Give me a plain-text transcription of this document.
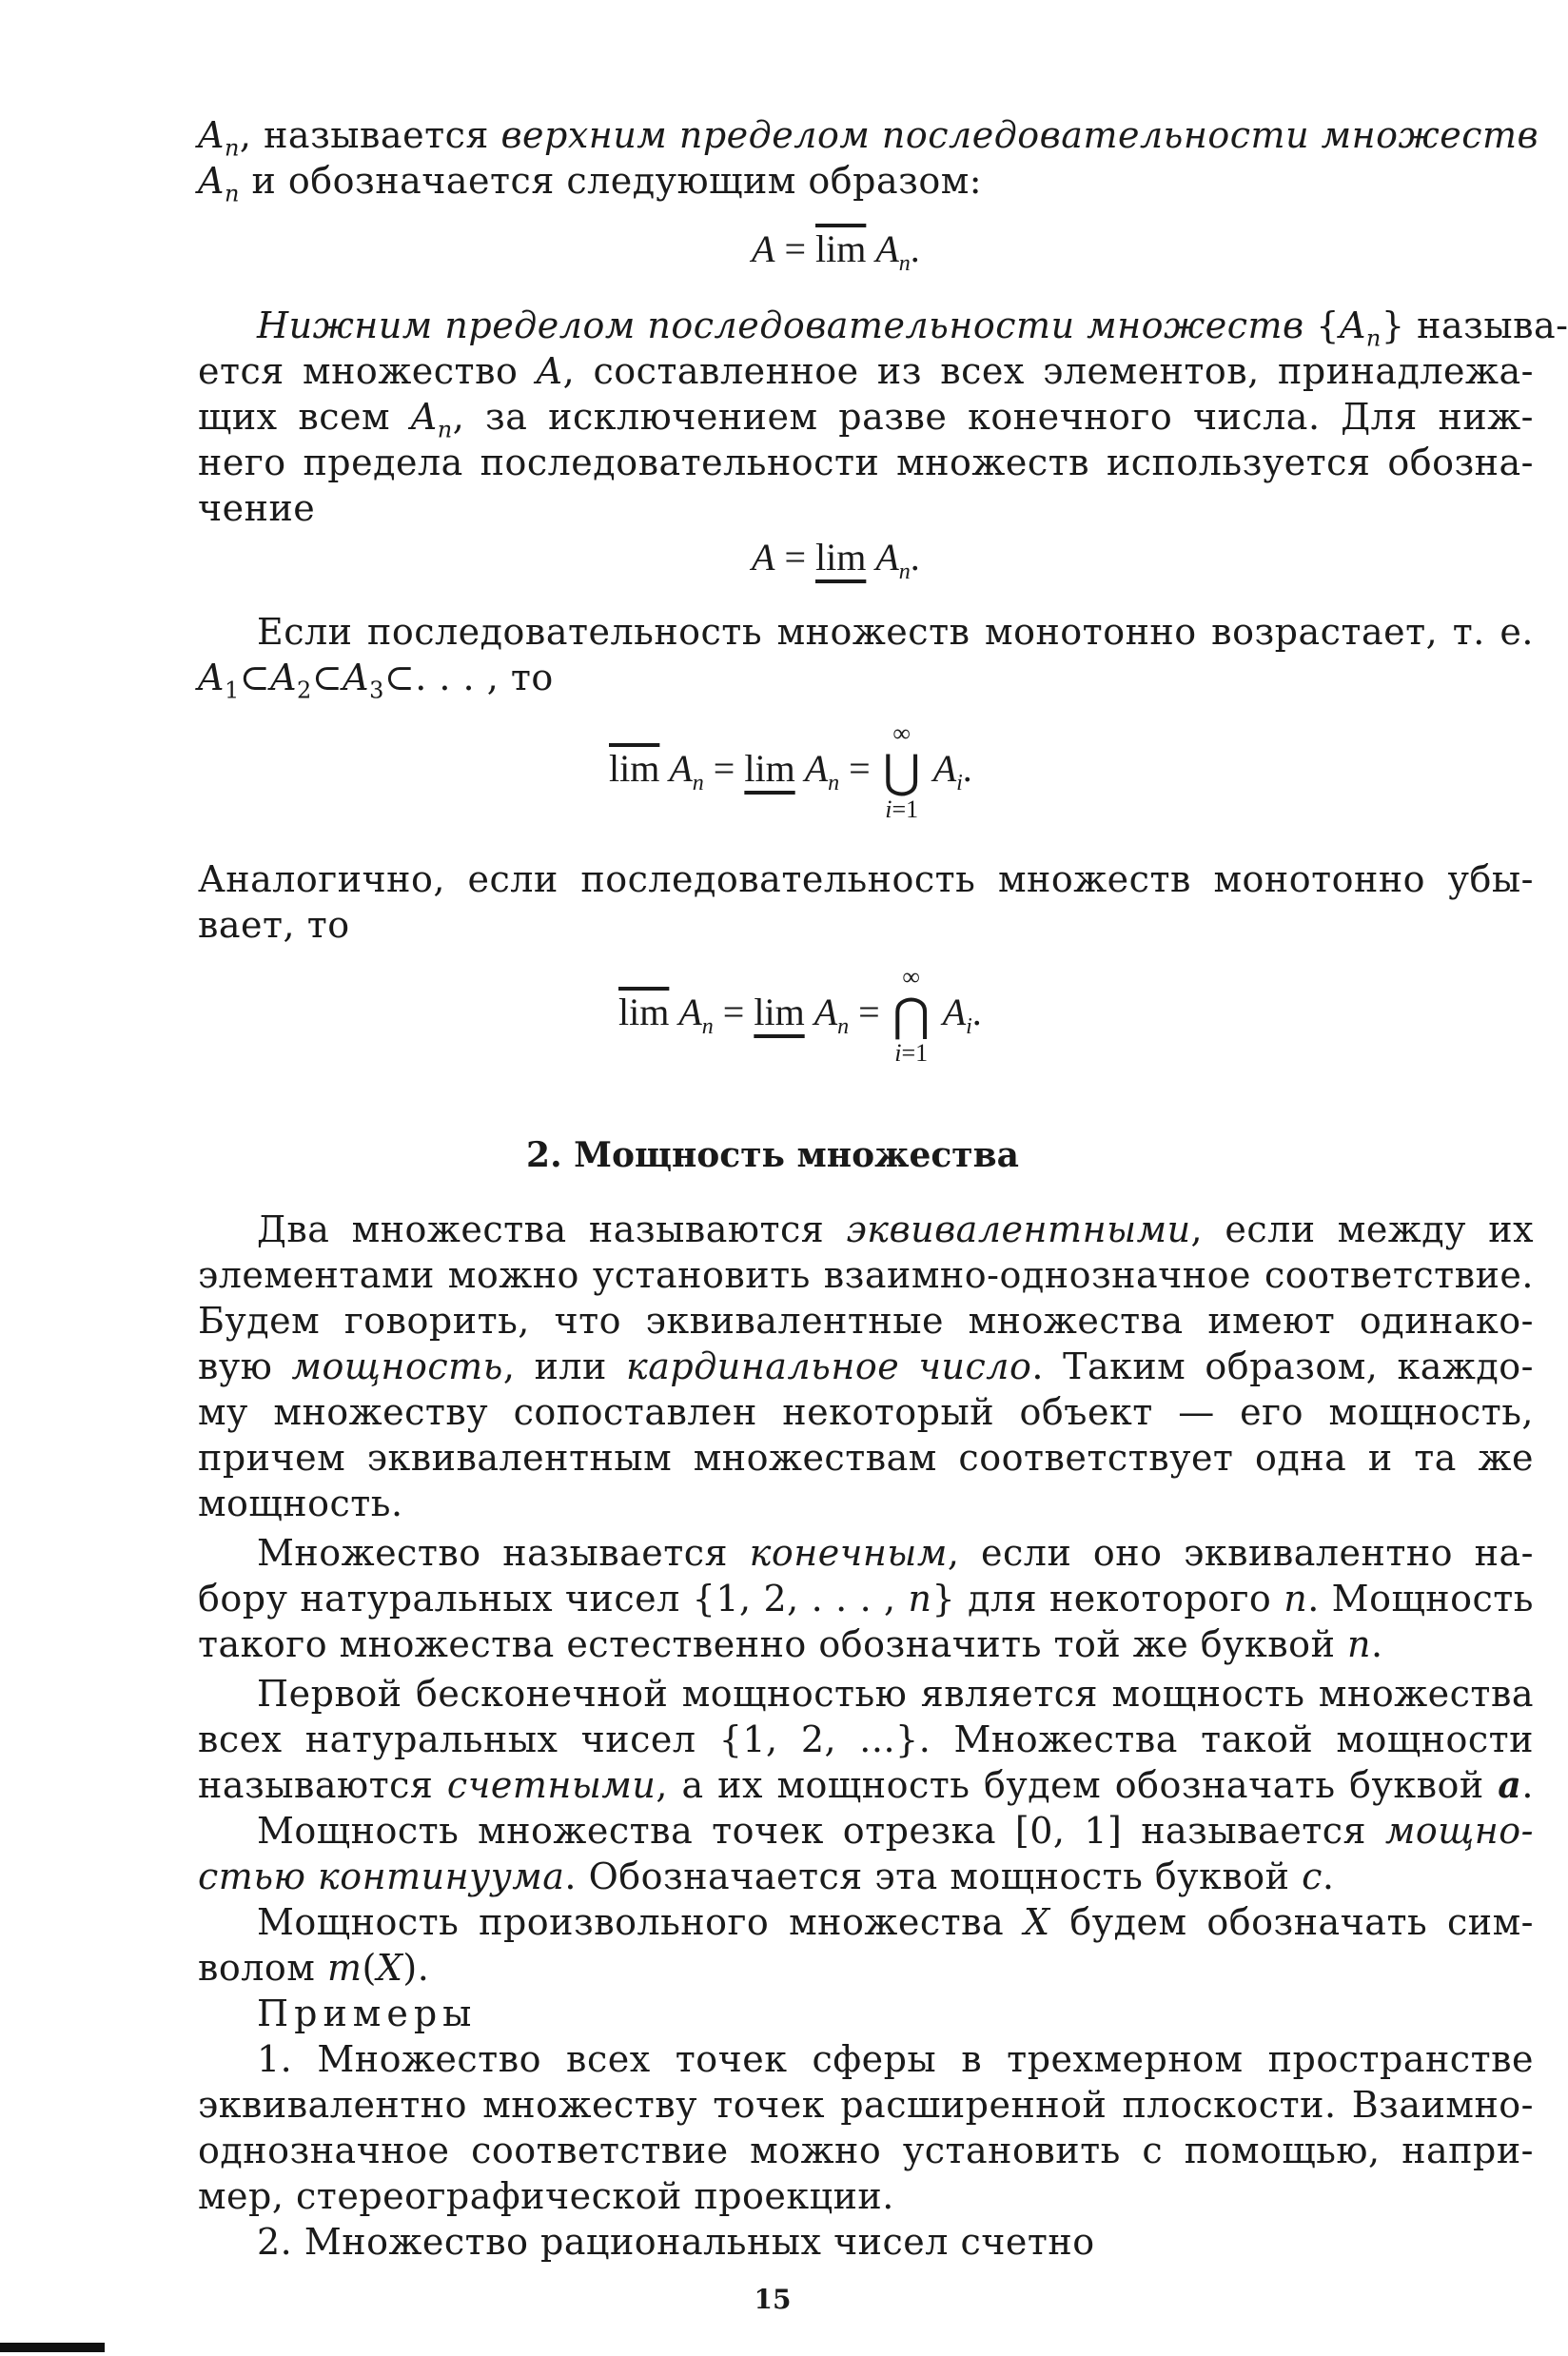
$A_n$, называется верхним пределом последовательности множеств
$A_n$ и обозначается следующим образом:
$A = \overline{lim}$ $A_n$.
Нижним пределом последовательности множеств $\{A_n\}$ называ-
ется множество A, составленное из всех элементов, принадлежа-
щих всем $A_n$, за исключением разве конечного числа. Для ниж-
него предела последовательности множеств используется обозна-
чение
$A = \lim A_n$.
Если последовательность множеств монотонно возрастает, т. е.
$A_1\subset A_2\subset A_3\subset$. . . , то
$\overline{lim}$ $A_n = \lim A_n$ =
∞
⋃
i=1
$A_i$.
Аналогично, если последовательность множеств монотонно убы-
вает, то
$\overline{lim}$ $A_n = \lim A_n$ =
∞
⋂
i=1
$A_i$.
2. Мощность множества
Два множества называются эквивалентными, если между их
элементами можно установить взаимно-однозначное соответствие.
Будем говорить, что эквивалентные множества имеют одинако-
вую мощность, или кардинальное число. Таким образом, каждо-
му множеству сопоставлен некоторый объект — его мощность,
причем эквивалентным множествам соответствует одна и та же
мощность.
Множество называется конечным, если оно эквивалентно на-
бору натуральных чисел {1, 2, . . . , n} для некоторого n. Мощность
такого множества естественно обозначить той же буквой n.
Первой бесконечной мощностью является мощность множества
всех натуральных чисел {1, 2, ...}. Множества такой мощности
называются счетными, а их мощность будем обозначать буквой a.
Мощность множества точек отрезка [0, 1] называется мощно-
стью континуума. Обозначается эта мощность буквой c.
Мощность произвольного множества X будем обозначать сим-
волом m(X).
Примеры
1. Множество всех точек сферы в трехмерном пространстве
эквивалентно множеству точек расширенной плоскости. Взаимно-
однозначное соответствие можно установить с помощью, напри-
мер, стереографической проекции.
2. Множество рациональных чисел счетно
15
